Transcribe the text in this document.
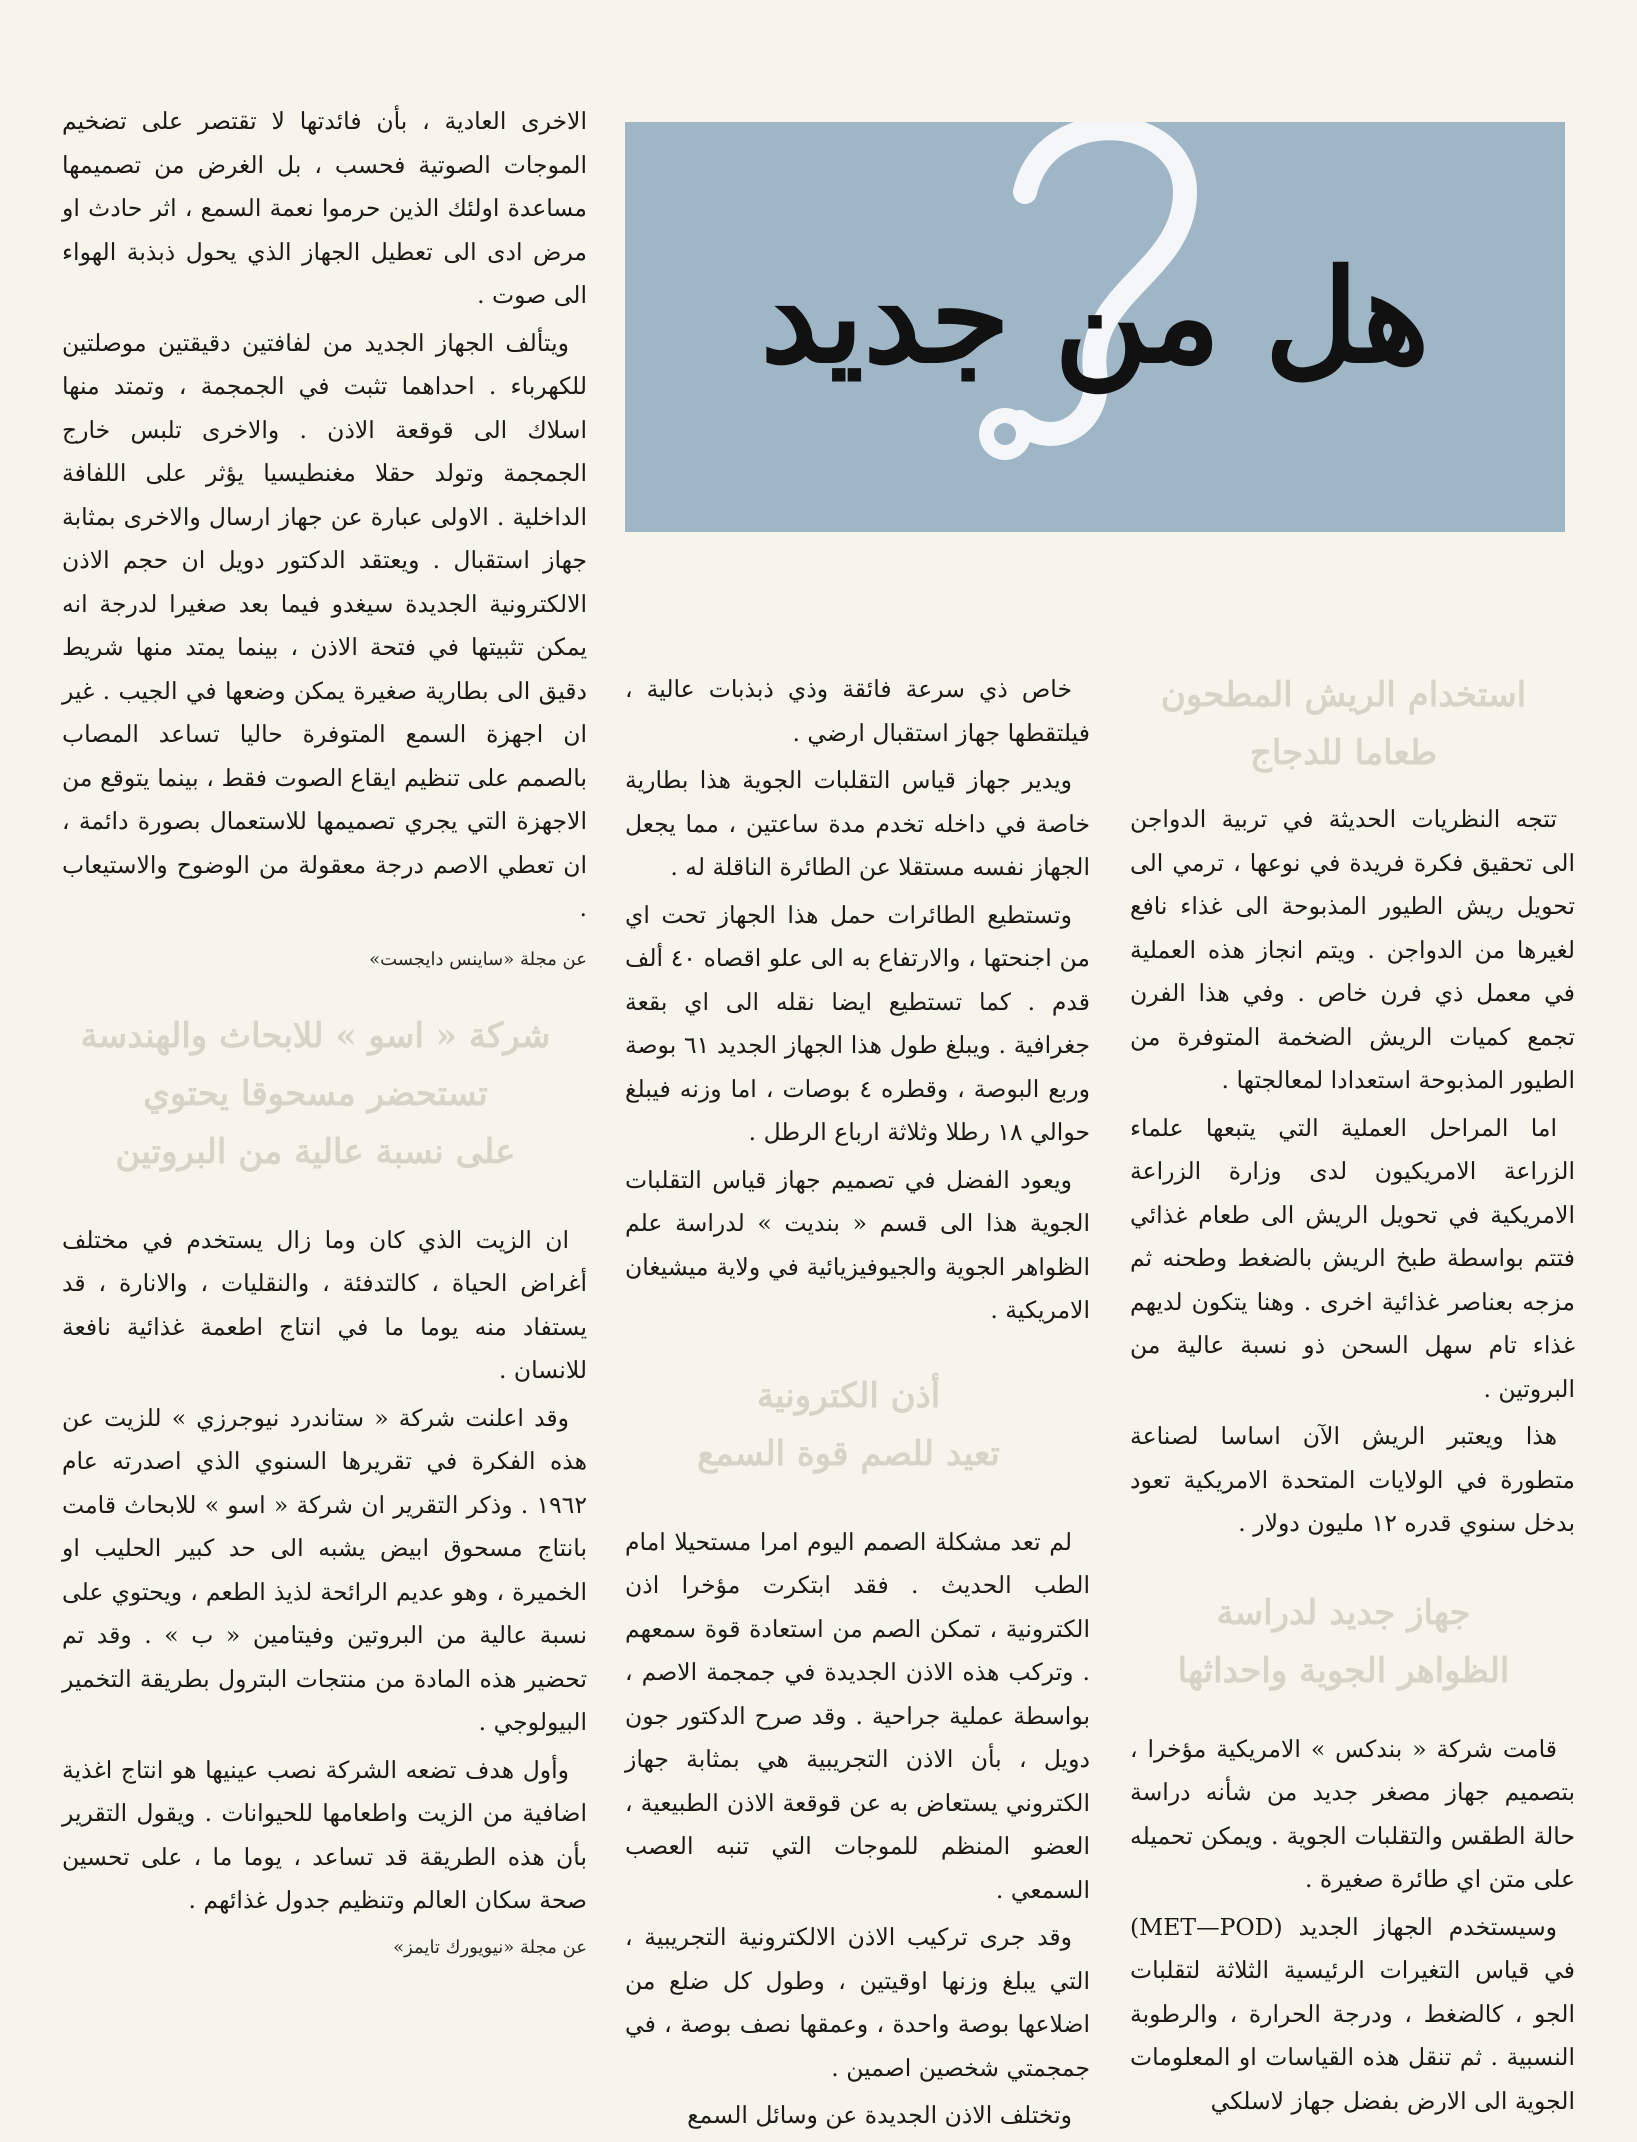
هل من جديد

استخدام الريش المطحون

طعاما للدجاج

تتجه النظريات الحديثة في تربية الدواجن الى تحقيق فكرة فريدة في نوعها ، ترمي الى تحويل ريش الطيور المذبوحة الى غذاء نافع لغيرها من الدواجن . ويتم انجاز هذه العملية في معمل ذي فرن خاص . وفي هذا الفرن تجمع كميات الريش الضخمة المتوفرة من الطيور المذبوحة استعدادا لمعالجتها .

اما المراحل العملية التي يتبعها علماء الزراعة الامريكيون لدى وزارة الزراعة الامريكية في تحويل الريش الى طعام غذائي فتتم بواسطة طبخ الريش بالضغط وطحنه ثم مزجه بعناصر غذائية اخرى . وهنا يتكون لديهم غذاء تام سهل السحن ذو نسبة عالية من البروتين .

هذا ويعتبر الريش الآن اساسا لصناعة متطورة في الولايات المتحدة الامريكية تعود بدخل سنوي قدره ١٢ مليون دولار .

جهاز جديد لدراسة

الظواهر الجوية واحداثها

قامت شركة « بندكس » الامريكية مؤخرا ، بتصميم جهاز مصغر جديد من شأنه دراسة حالة الطقس والتقلبات الجوية . ويمكن تحميله على متن اي طائرة صغيرة .

وسيستخدم الجهاز الجديد (MET—POD) في قياس التغيرات الرئيسية الثلاثة لتقلبات الجو ، كالضغط ، ودرجة الحرارة ، والرطوبة النسبية . ثم تنقل هذه القياسات او المعلومات الجوية الى الارض بفضل جهاز لاسلكي

خاص ذي سرعة فائقة وذي ذبذبات عالية ، فيلتقطها جهاز استقبال ارضي .

ويدير جهاز قياس التقلبات الجوية هذا بطارية خاصة في داخله تخدم مدة ساعتين ، مما يجعل الجهاز نفسه مستقلا عن الطائرة الناقلة له .

وتستطيع الطائرات حمل هذا الجهاز تحت اي من اجنحتها ، والارتفاع به الى علو اقصاه ٤٠ ألف قدم . كما تستطيع ايضا نقله الى اي بقعة جغرافية . ويبلغ طول هذا الجهاز الجديد ٦١ بوصة وربع البوصة ، وقطره ٤ بوصات ، اما وزنه فيبلغ حوالي ١٨ رطلا وثلاثة ارباع الرطل .

ويعود الفضل في تصميم جهاز قياس التقلبات الجوية هذا الى قسم « بنديت » لدراسة علم الظواهر الجوية والجيوفيزيائية في ولاية ميشيغان الامريكية .

أذن الكترونية

تعيد للصم قوة السمع

لم تعد مشكلة الصمم اليوم امرا مستحيلا امام الطب الحديث . فقد ابتكرت مؤخرا اذن الكترونية ، تمكن الصم من استعادة قوة سمعهم . وتركب هذه الاذن الجديدة في جمجمة الاصم ، بواسطة عملية جراحية . وقد صرح الدكتور جون دويل ، بأن الاذن التجريبية هي بمثابة جهاز الكتروني يستعاض به عن قوقعة الاذن الطبيعية ، العضو المنظم للموجات التي تنبه العصب السمعي .

وقد جرى تركيب الاذن الالكترونية التجريبية ، التي يبلغ وزنها اوقيتين ، وطول كل ضلع من اضلاعها بوصة واحدة ، وعمقها نصف بوصة ، في جمجمتي شخصين اصمين .

وتختلف الاذن الجديدة عن وسائل السمع

الاخرى العادية ، بأن فائدتها لا تقتصر على تضخيم الموجات الصوتية فحسب ، بل الغرض من تصميمها مساعدة اولئك الذين حرموا نعمة السمع ، اثر حادث او مرض ادى الى تعطيل الجهاز الذي يحول ذبذبة الهواء الى صوت .

ويتألف الجهاز الجديد من لفافتين دقيقتين موصلتين للكهرباء . احداهما تثبت في الجمجمة ، وتمتد منها اسلاك الى قوقعة الاذن . والاخرى تلبس خارج الجمجمة وتولد حقلا مغنطيسيا يؤثر على اللفافة الداخلية . الاولى عبارة عن جهاز ارسال والاخرى بمثابة جهاز استقبال . ويعتقد الدكتور دويل ان حجم الاذن الالكترونية الجديدة سيغدو فيما بعد صغيرا لدرجة انه يمكن تثبيتها في فتحة الاذن ، بينما يمتد منها شريط دقيق الى بطارية صغيرة يمكن وضعها في الجيب . غير ان اجهزة السمع المتوفرة حاليا تساعد المصاب بالصمم على تنظيم ايقاع الصوت فقط ، بينما يتوقع من الاجهزة التي يجري تصميمها للاستعمال بصورة دائمة ، ان تعطي الاصم درجة معقولة من الوضوح والاستيعاب .

عن مجلة «ساينس دايجست»

شركة « اسو » للابحاث والهندسة

تستحضر مسحوقا يحتوي

على نسبة عالية من البروتين

ان الزيت الذي كان وما زال يستخدم في مختلف أغراض الحياة ، كالتدفئة ، والنقليات ، والانارة ، قد يستفاد منه يوما ما في انتاج اطعمة غذائية نافعة للانسان .

وقد اعلنت شركة « ستاندرد نيوجرزي » للزيت عن هذه الفكرة في تقريرها السنوي الذي اصدرته عام ١٩٦٢ . وذكر التقرير ان شركة « اسو » للابحاث قامت بانتاج مسحوق ابيض يشبه الى حد كبير الحليب او الخميرة ، وهو عديم الرائحة لذيذ الطعم ، ويحتوي على نسبة عالية من البروتين وفيتامين « ب » . وقد تم تحضير هذه المادة من منتجات البترول بطريقة التخمير البيولوجي .

وأول هدف تضعه الشركة نصب عينيها هو انتاج اغذية اضافية من الزيت واطعامها للحيوانات . ويقول التقرير بأن هذه الطريقة قد تساعد ، يوما ما ، على تحسين صحة سكان العالم وتنظيم جدول غذائهم .

عن مجلة «نيويورك تايمز»
